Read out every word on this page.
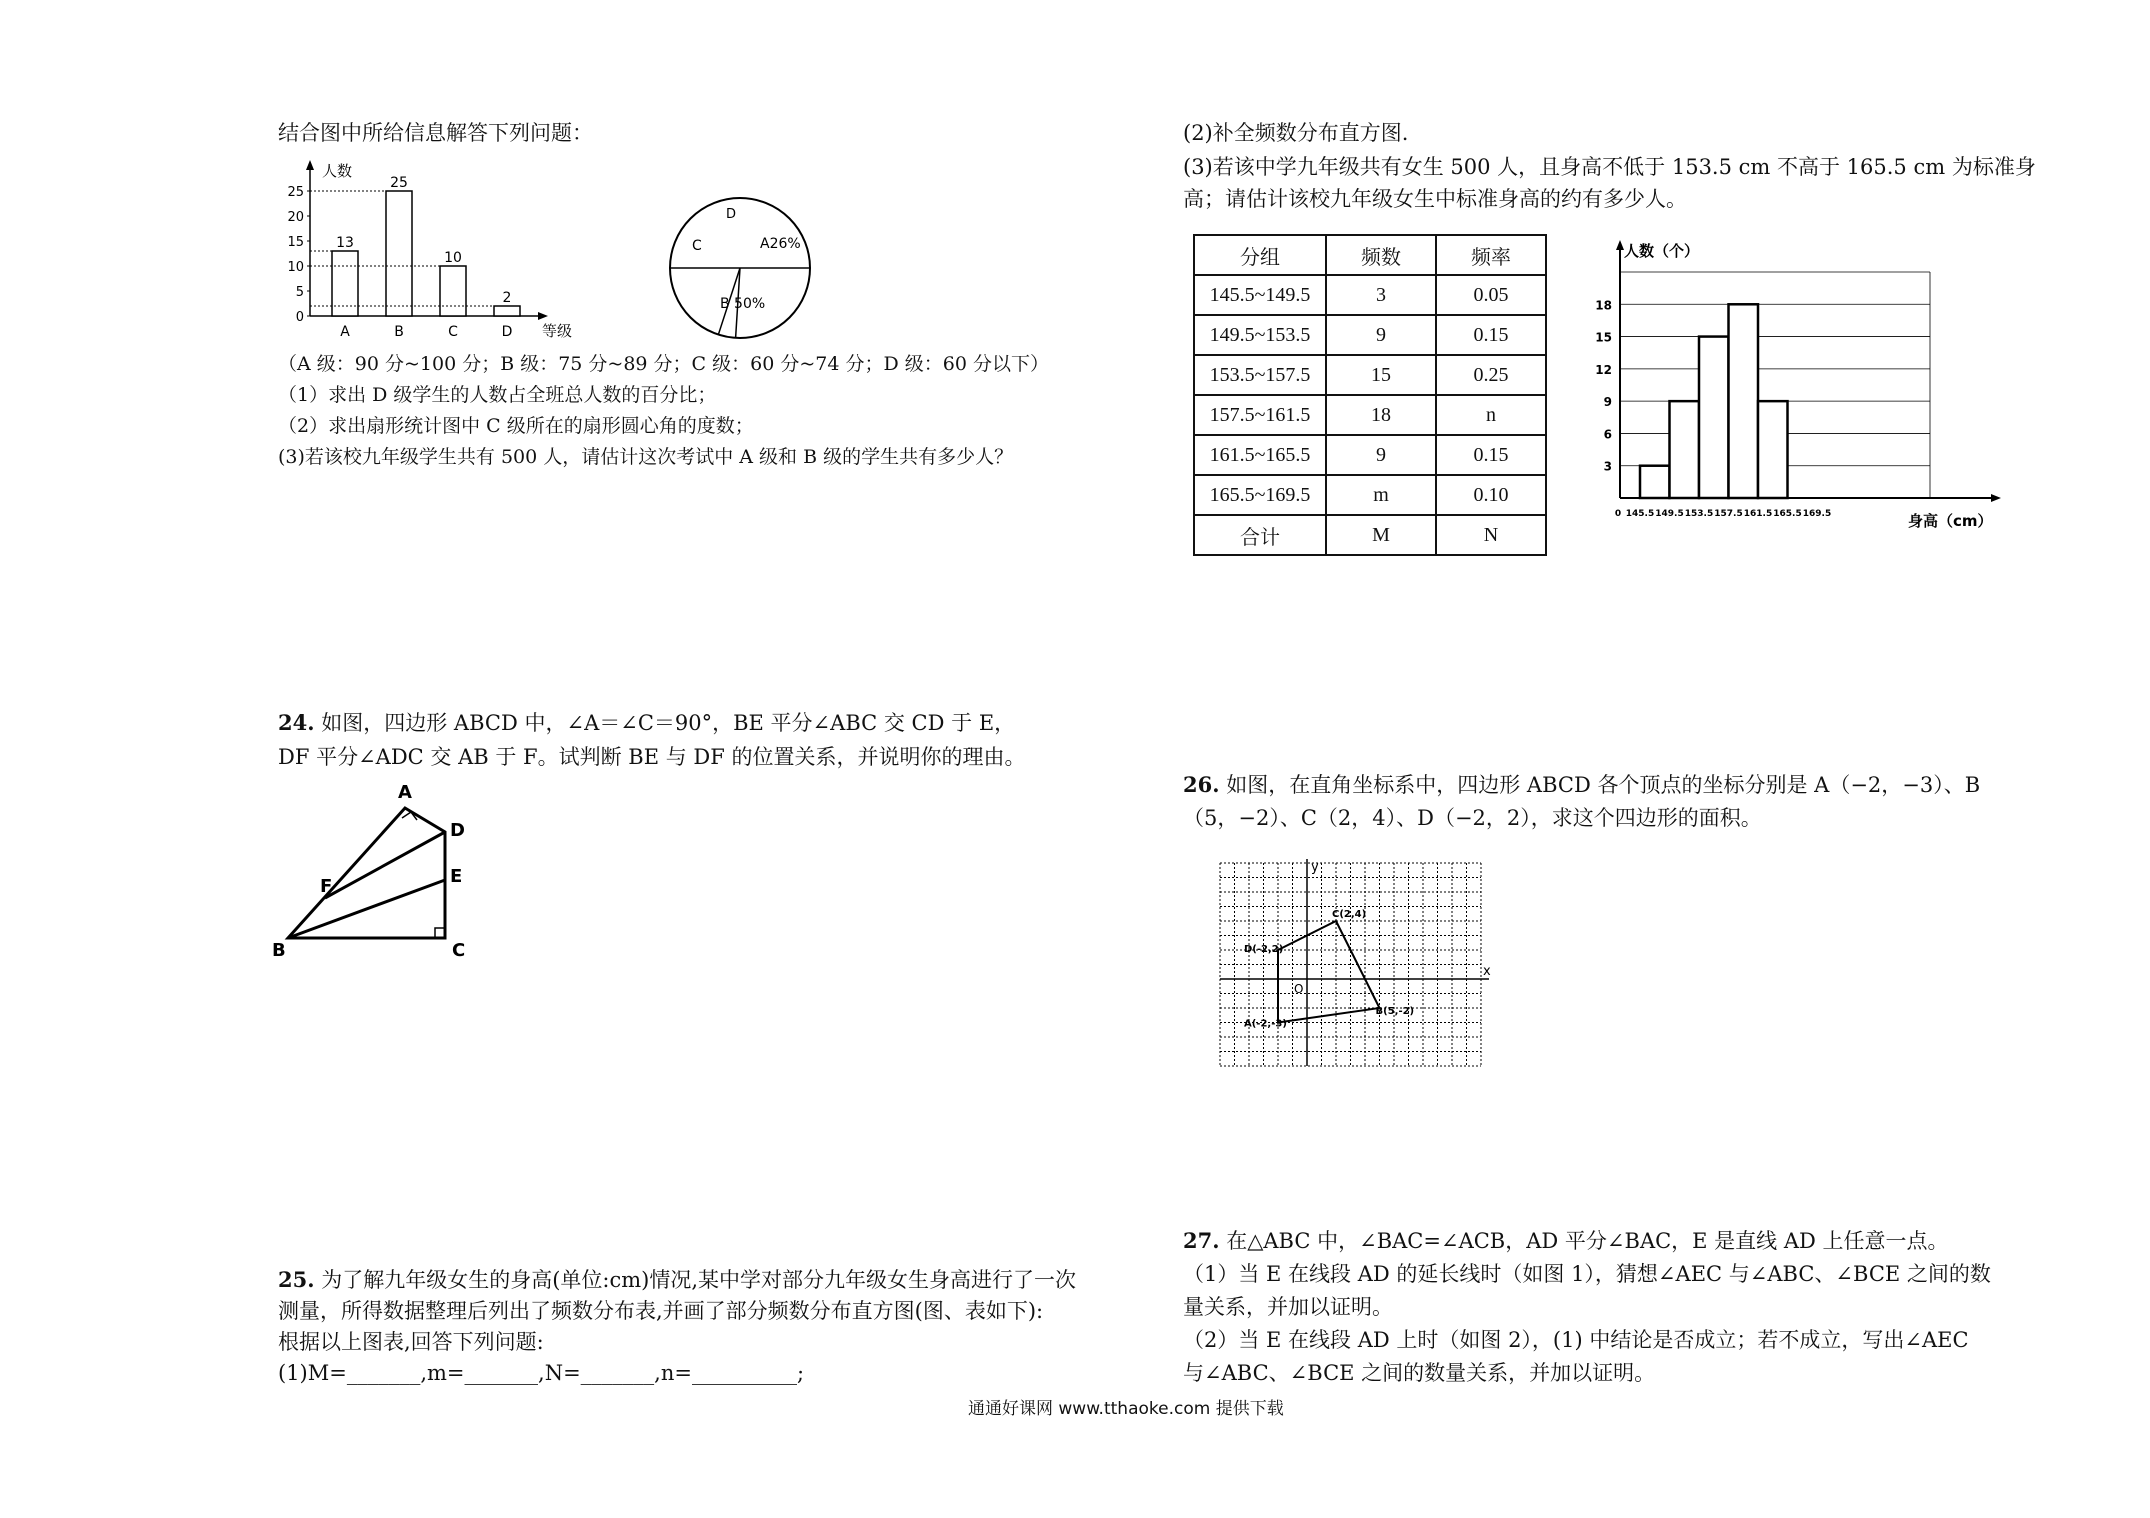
结合图中所给信息解答下列问题：
人数
等级
0
5
10
15
20
25
13
A
25
B
10
C
2
D
A26%
B 50%
C
D
（A 级：90 分~100 分；B 级：75 分~89 分；C 级：60 分~74 分；D 级：60 分以下）
（1）求出 D 级学生的人数占全班总人数的百分比；
（2）求出扇形统计图中 C 级所在的扇形圆心角的度数；
(3)若该校九年级学生共有 500 人，请估计这次考试中 A 级和 B 级的学生共有多少人？
24. 如图，四边形 ABCD 中，∠A＝∠C＝90°，BE 平分∠ABC 交 CD 于 E，
DF 平分∠ADC 交 AB 于 F。试判断 BE 与 DF 的位置关系，并说明你的理由。
A
D
E
F
B	C
25. 为了解九年级女生的身高(单位:cm)情况,某中学对部分九年级女生身高进行了一次
测量，所得数据整理后列出了频数分布表,并画了部分频数分布直方图(图、表如下):
根据以上图表,回答下列问题:
(1)M=_______,m=_______,N=_______,n=__________;
(2)补全频数分布直方图.
(3)若该中学九年级共有女生 500 人，且身高不低于 153.5 cm 不高于 165.5 cm 为标准身
高；请估计该校九年级女生中标准身高的约有多少人。
分组	频数	频率
145.5~149.5	3	0.05
149.5~153.5	9	0.15
153.5~157.5	15	0.25
157.5~161.5	18	n
161.5~165.5	9	0.15
165.5~169.5	m	0.10
合计	M	N
人数（个）
身高（cm）
3
6
9
12
15
18
0 145.5 149.5 153.5 157.5 161.5 165.5 169.5
26. 如图，在直角坐标系中，四边形 ABCD 各个顶点的坐标分别是 A（−2，−3）、B
（5，−2）、C（2，4）、D（−2，2），求这个四边形的面积。
x
y
O
A(-2,-3)
B(5,-2)
C(2,4)
D(-2,2)
27. 在△ABC 中，∠BAC=∠ACB，AD 平分∠BAC，E 是直线 AD 上任意一点。
（1）当 E 在线段 AD 的延长线时（如图 1），猜想∠AEC 与∠ABC、∠BCE 之间的数
量关系，并加以证明。
（2）当 E 在线段 AD 上时（如图 2），(1) 中结论是否成立；若不成立，写出∠AEC
与∠ABC、∠BCE 之间的数量关系，并加以证明。
通通好课网 www.tthaoke.com 提供下载
